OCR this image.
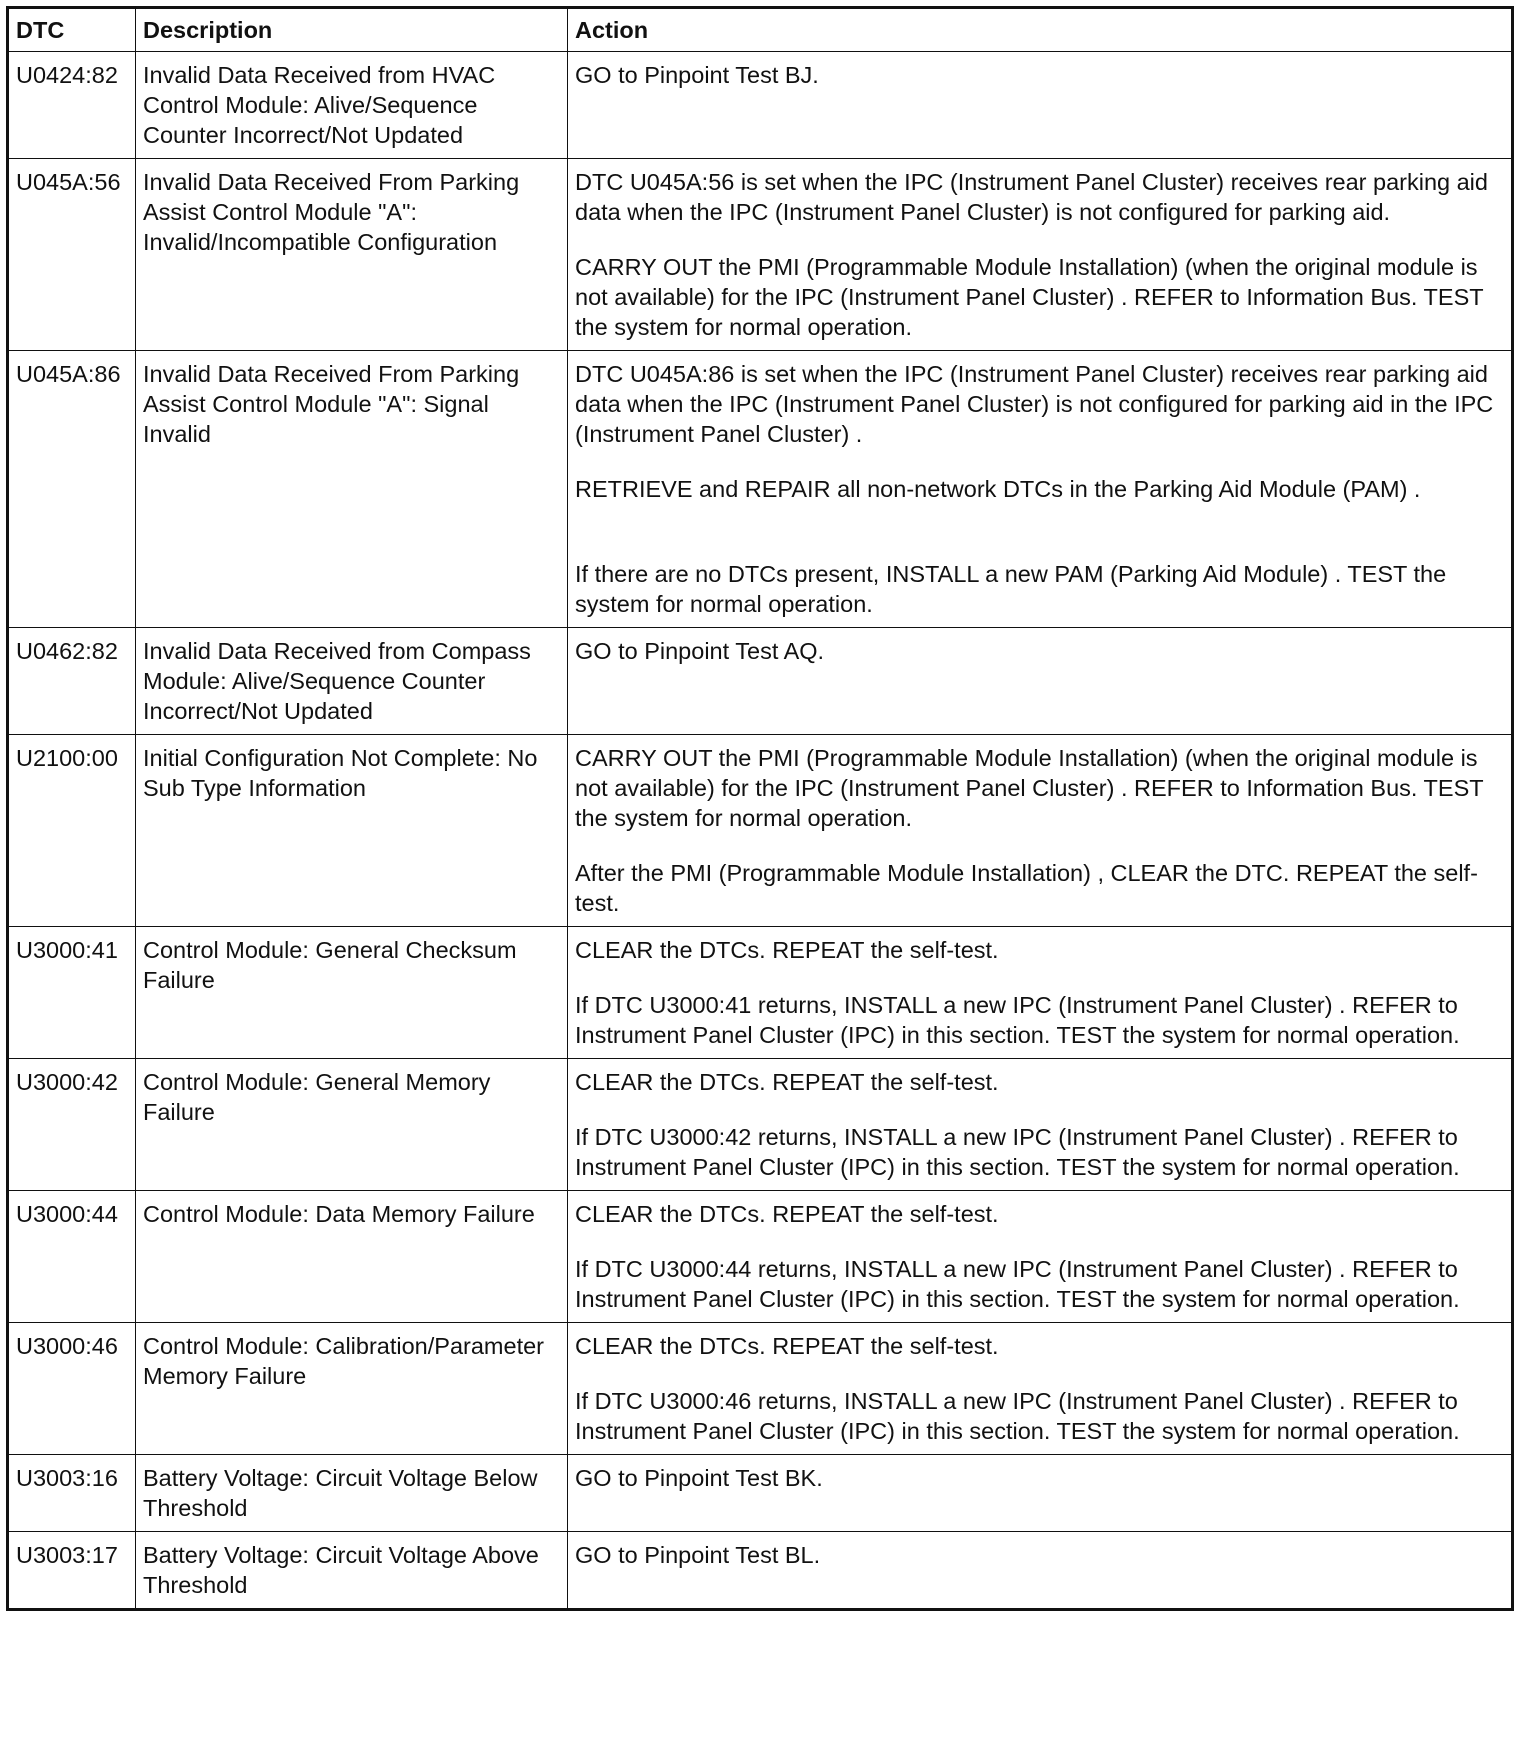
DTC	Description	Action
U0424:82	Invalid Data Received from HVAC Control Module: Alive/Sequence Counter Incorrect/Not Updated	GO to Pinpoint Test BJ.

U045A:56	Invalid Data Received From Parking Assist Control Module "A": Invalid/Incompatible Configuration	DTC U045A:56 is set when the IPC (Instrument Panel Cluster) receives rear parking aid data when the IPC (Instrument Panel Cluster) is not configured for parking aid.

CARRY OUT the PMI (Programmable Module Installation) (when the original module is not available) for the IPC (Instrument Panel Cluster) . REFER to Information Bus. TEST the system for normal operation.

U045A:86	Invalid Data Received From Parking Assist Control Module "A": Signal Invalid	DTC U045A:86 is set when the IPC (Instrument Panel Cluster) receives rear parking aid data when the IPC (Instrument Panel Cluster) is not configured for parking aid in the IPC (Instrument Panel Cluster) .

RETRIEVE and REPAIR all non-network DTCs in the Parking Aid Module (PAM) .

If there are no DTCs present, INSTALL a new PAM (Parking Aid Module) . TEST the system for normal operation.

U0462:82	Invalid Data Received from Compass Module: Alive/Sequence Counter Incorrect/Not Updated	GO to Pinpoint Test AQ.

U2100:00	Initial Configuration Not Complete: No Sub Type Information	CARRY OUT the PMI (Programmable Module Installation) (when the original module is not available) for the IPC (Instrument Panel Cluster) . REFER to Information Bus. TEST the system for normal operation.

After the PMI (Programmable Module Installation) , CLEAR the DTC. REPEAT the self-test.

U3000:41	Control Module: General Checksum Failure	CLEAR the DTCs. REPEAT the self-test.

If DTC U3000:41 returns, INSTALL a new IPC (Instrument Panel Cluster) . REFER to Instrument Panel Cluster (IPC) in this section. TEST the system for normal operation.

U3000:42	Control Module: General Memory Failure	CLEAR the DTCs. REPEAT the self-test.

If DTC U3000:42 returns, INSTALL a new IPC (Instrument Panel Cluster) . REFER to Instrument Panel Cluster (IPC) in this section. TEST the system for normal operation.

U3000:44	Control Module: Data Memory Failure	CLEAR the DTCs. REPEAT the self-test.

If DTC U3000:44 returns, INSTALL a new IPC (Instrument Panel Cluster) . REFER to Instrument Panel Cluster (IPC) in this section. TEST the system for normal operation.

U3000:46	Control Module: Calibration/Parameter Memory Failure	CLEAR the DTCs. REPEAT the self-test.

If DTC U3000:46 returns, INSTALL a new IPC (Instrument Panel Cluster) . REFER to Instrument Panel Cluster (IPC) in this section. TEST the system for normal operation.

U3003:16	Battery Voltage: Circuit Voltage Below Threshold	GO to Pinpoint Test BK.

U3003:17	Battery Voltage: Circuit Voltage Above Threshold	GO to Pinpoint Test BL.
